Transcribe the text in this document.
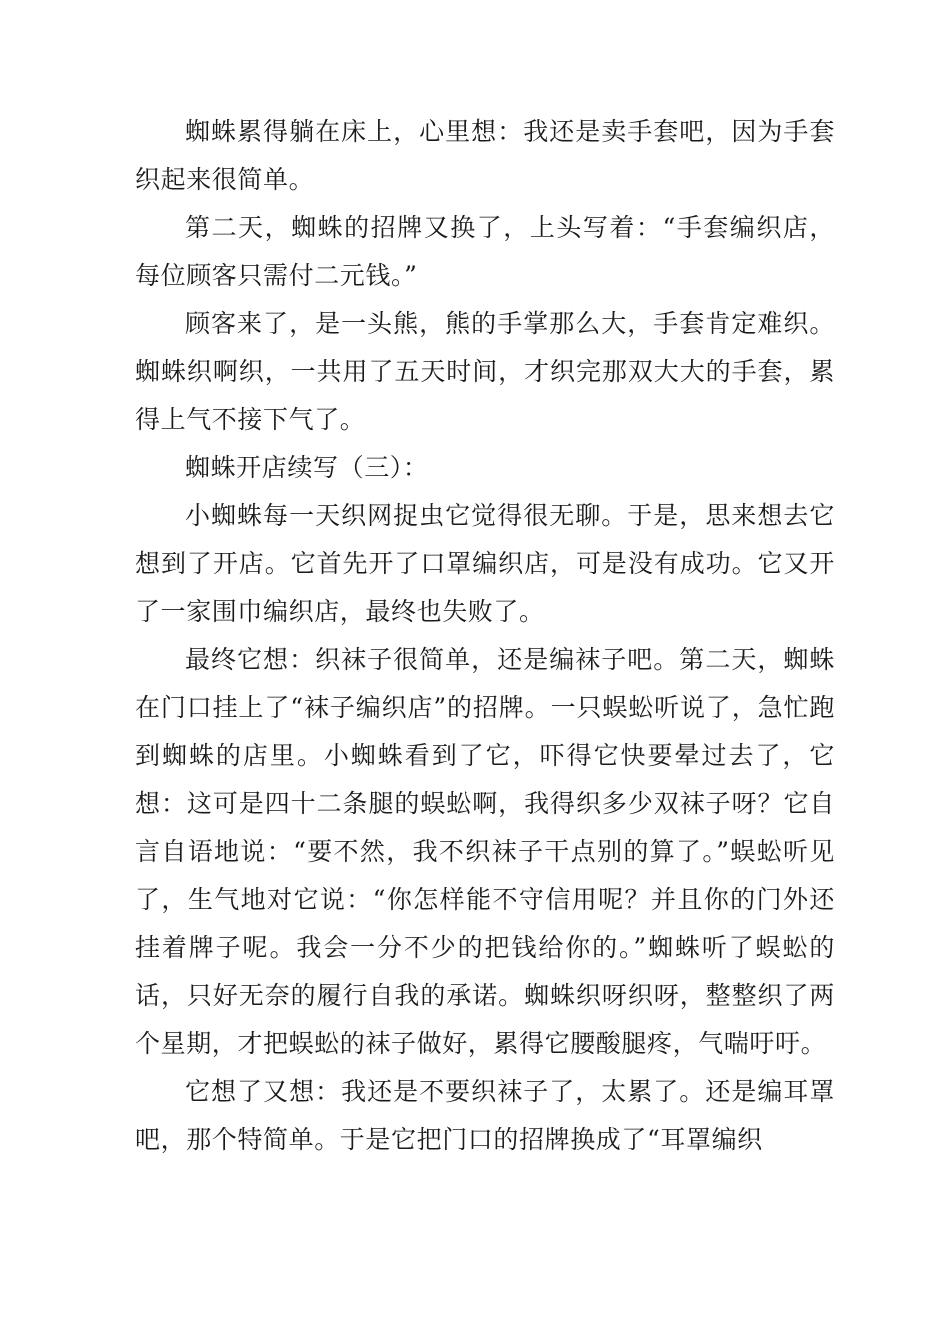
蜘蛛累得躺在床上，心里想：我还是卖手套吧，因为手套织起来很简单。

第二天，蜘蛛的招牌又换了，上头写着：“手套编织店，每位顾客只需付二元钱。”

顾客来了，是一头熊，熊的手掌那么大，手套肯定难织。蜘蛛织啊织，一共用了五天时间，才织完那双大大的手套，累得上气不接下气了。

蜘蛛开店续写（三）：

小蜘蛛每一天织网捉虫它觉得很无聊。于是，思来想去它想到了开店。它首先开了口罩编织店，可是没有成功。它又开了一家围巾编织店，最终也失败了。

最终它想：织袜子很简单，还是编袜子吧。第二天，蜘蛛在门口挂上了“袜子编织店”的招牌。一只蜈蚣听说了，急忙跑到蜘蛛的店里。小蜘蛛看到了它，吓得它快要晕过去了，它想：这可是四十二条腿的蜈蚣啊，我得织多少双袜子呀？它自言自语地说：“要不然，我不织袜子干点别的算了。”蜈蚣听见了，生气地对它说：“你怎样能不守信用呢？并且你的门外还挂着牌子呢。我会一分不少的把钱给你的。”蜘蛛听了蜈蚣的话，只好无奈的履行自我的承诺。蜘蛛织呀织呀，整整织了两个星期，才把蜈蚣的袜子做好，累得它腰酸腿疼，气喘吁吁。

它想了又想：我还是不要织袜子了，太累了。还是编耳罩吧，那个特简单。于是它把门口的招牌换成了“耳罩编织
